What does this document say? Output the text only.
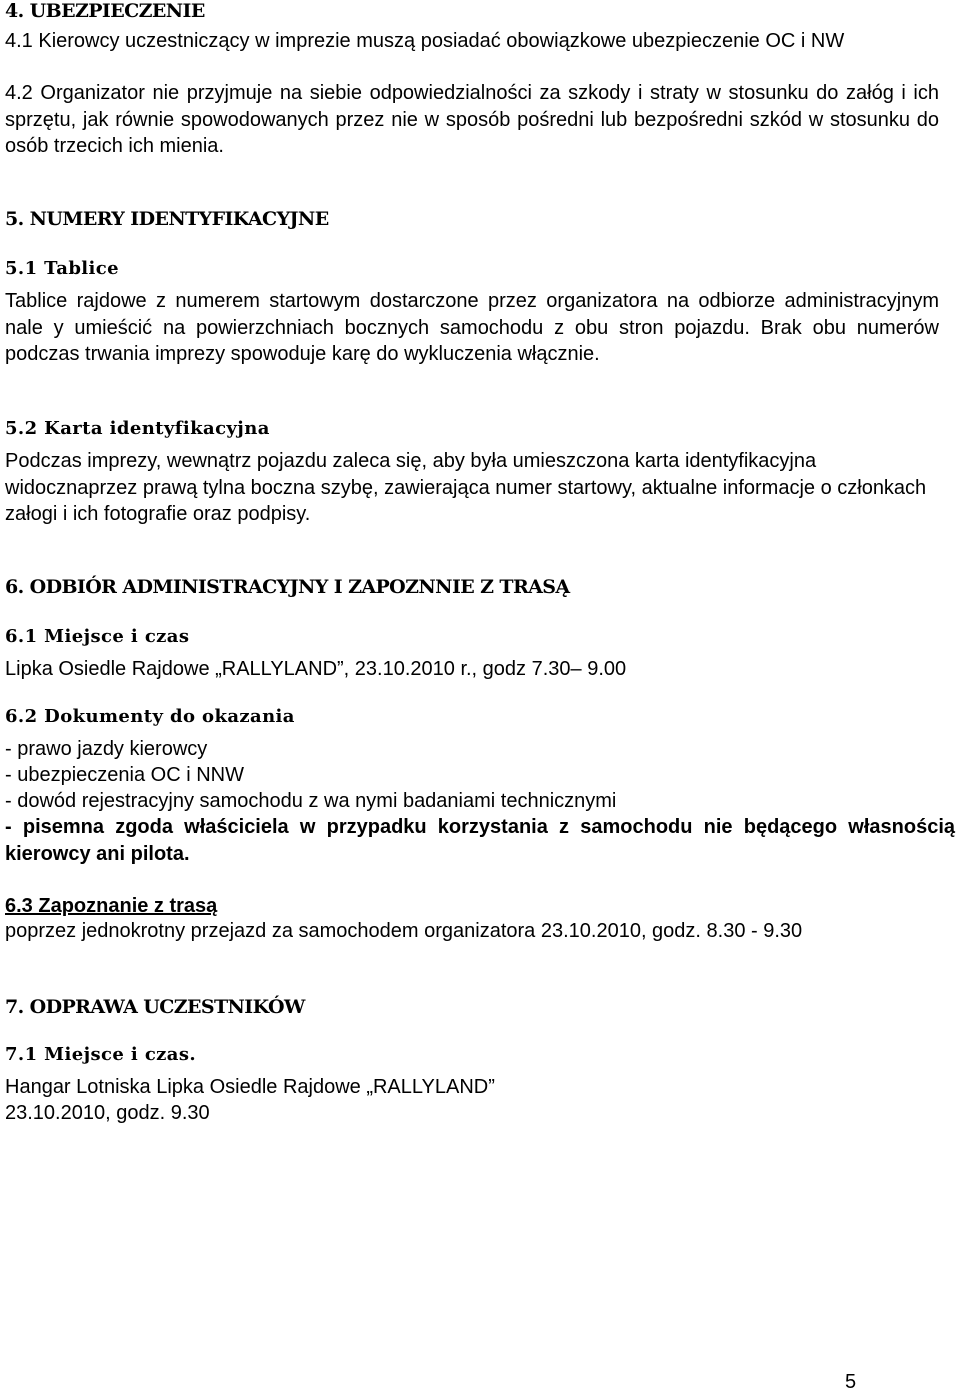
4. UBEZPIECZENIE

4.1 Kierowcy uczestniczący w imprezie muszą posiadać obowiązkowe ubezpieczenie OC i NW

4.2 Organizator nie przyjmuje na siebie odpowiedzialności za szkody i straty w stosunku do załóg i ich sprzętu, jak równie spowodowanych przez nie w sposób pośredni lub bezpośredni szkód w stosunku do osób trzecich ich mienia.

5. NUMERY IDENTYFIKACYJNE

5.1 Tablice

Tablice rajdowe z numerem startowym dostarczone przez organizatora na odbiorze administracyjnym nale y umieścić na powierzchniach bocznych samochodu z obu stron pojazdu. Brak obu numerów podczas trwania imprezy spowoduje karę do wykluczenia włącznie.

5.2 Karta identyfikacyjna

Podczas imprezy, wewnątrz pojazdu zaleca się, aby była umieszczona karta identyfikacyjna widocznaprzez prawą tylna boczna szybę, zawierająca numer startowy, aktualne informacje o członkach załogi i ich fotografie oraz podpisy.

6. ODBIÓR ADMINISTRACYJNY I ZAPOZNNIE Z TRASĄ

6.1 Miejsce i czas

Lipka Osiedle Rajdowe „RALLYLAND”, 23.10.2010 r., godz 7.30– 9.00

6.2 Dokumenty do okazania

- prawo jazdy kierowcy

- ubezpieczenia OC i NNW

- dowód rejestracyjny samochodu z wa nymi badaniami technicznymi

- pisemna zgoda właściciela w przypadku korzystania z samochodu nie będącego własnością kierowcy ani pilota.

6.3 Zapoznanie z trasą

poprzez jednokrotny przejazd za samochodem organizatora 23.10.2010, godz. 8.30 - 9.30

7. ODPRAWA UCZESTNIKÓW

7.1 Miejsce i czas.

Hangar Lotniska Lipka Osiedle Rajdowe „RALLYLAND”

23.10.2010, godz. 9.30

5
